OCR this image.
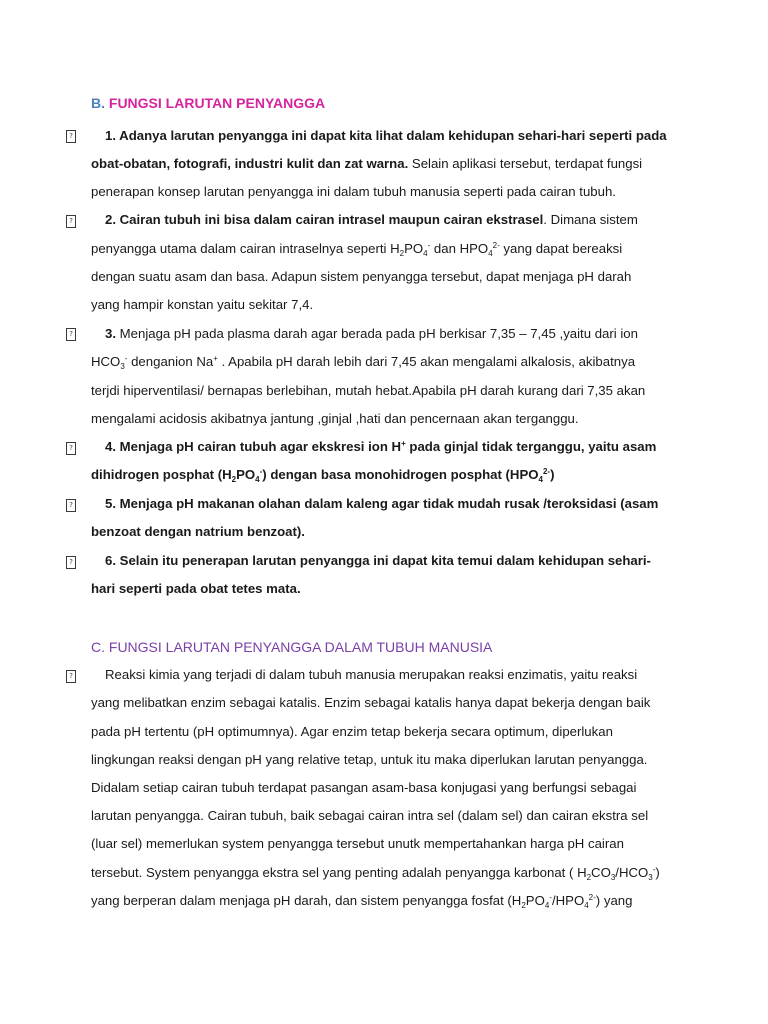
B. FUNGSI LARUTAN PENYANGGA
?	1. Adanya larutan penyangga ini dapat kita lihat dalam kehidupan sehari-hari seperti pada
obat-obatan, fotografi, industri kulit dan zat warna. Selain aplikasi tersebut, terdapat fungsi
penerapan konsep larutan penyangga ini dalam tubuh manusia seperti pada cairan tubuh.
?	2. Cairan tubuh ini bisa dalam cairan intrasel maupun cairan ekstrasel. Dimana sistem
penyangga utama dalam cairan intraselnya seperti $H_2PO_4^-$ dan $HPO_4^{2-}$ yang dapat bereaksi
dengan suatu asam dan basa. Adapun sistem penyangga tersebut, dapat menjaga pH darah
yang hampir konstan yaitu sekitar 7,4.
?	3. Menjaga pH pada plasma darah agar berada pada pH berkisar 7,35 – 7,45 ,yaitu dari ion
$HCO_3^-$ denganion Na+ . Apabila pH darah lebih dari 7,45 akan mengalami alkalosis, akibatnya
terjdi hiperventilasi/ bernapas berlebihan, mutah hebat.Apabila pH darah kurang dari 7,35 akan
mengalami acidosis akibatnya jantung ,ginjal ,hati dan pencernaan akan terganggu.
?	4. Menjaga pH cairan tubuh agar ekskresi ion H+ pada ginjal tidak terganggu, yaitu asam
dihidrogen posphat $(H_2PO_4^-)$ dengan basa monohidrogen posphat $(HPO_4^{2-})$
?	5. Menjaga pH makanan olahan dalam kaleng agar tidak mudah rusak /teroksidasi (asam
benzoat dengan natrium benzoat).
?	6. Selain itu penerapan larutan penyangga ini dapat kita temui dalam kehidupan sehari-
hari seperti pada obat tetes mata.
C. FUNGSI LARUTAN PENYANGGA DALAM TUBUH MANUSIA
?	Reaksi kimia yang terjadi di dalam tubuh manusia merupakan reaksi enzimatis, yaitu reaksi
yang melibatkan enzim sebagai katalis. Enzim sebagai katalis hanya dapat bekerja dengan baik
pada pH tertentu (pH optimumnya). Agar enzim tetap bekerja secara optimum, diperlukan
lingkungan reaksi dengan pH yang relative tetap, untuk itu maka diperlukan larutan penyangga.
Didalam setiap cairan tubuh terdapat pasangan asam-basa konjugasi yang berfungsi sebagai
larutan penyangga. Cairan tubuh, baik sebagai cairan intra sel (dalam sel) dan cairan ekstra sel
(luar sel) memerlukan system penyangga tersebut unutk mempertahankan harga pH cairan
tersebut. System penyangga ekstra sel yang penting adalah penyangga karbonat ( $H_2CO_3/HCO_3^-$)
yang berperan dalam menjaga pH darah, dan sistem penyangga fosfat $(H_2PO_4^-/HPO_4^{2-})$ yang
